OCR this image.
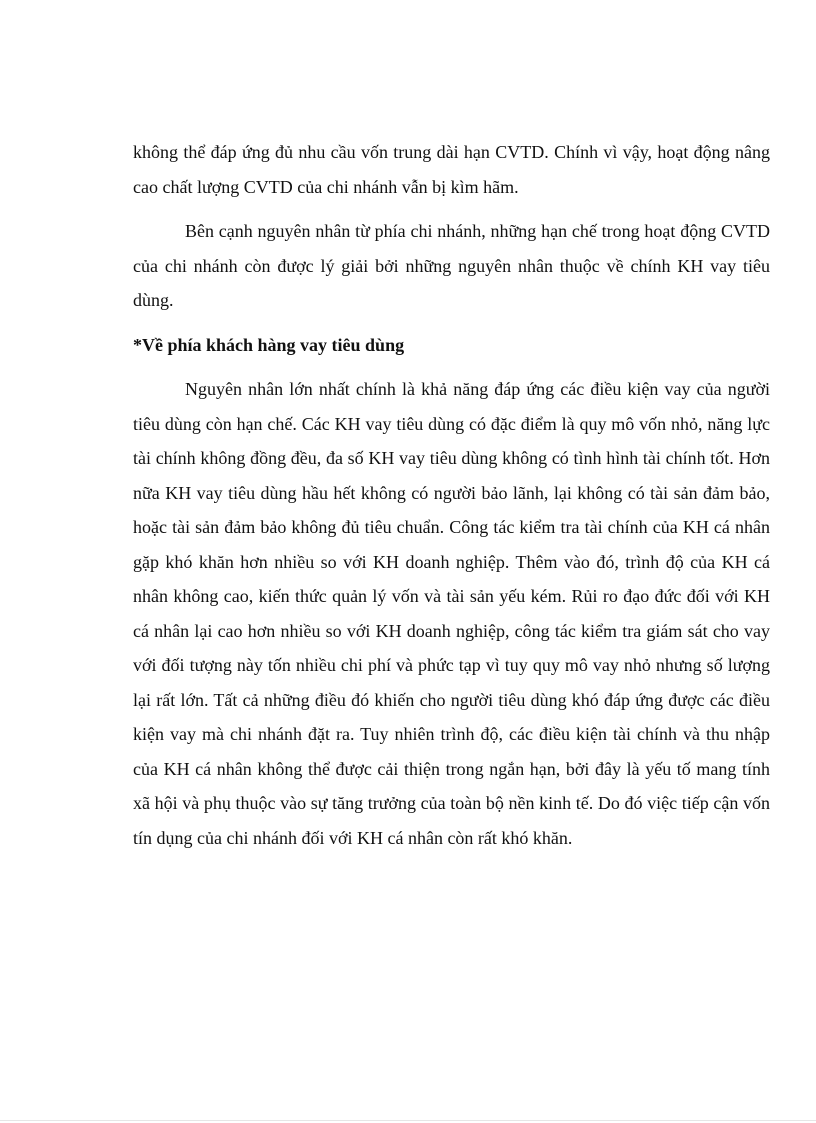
không thể đáp ứng đủ nhu cầu vốn trung dài hạn CVTD. Chính vì vậy, hoạt động nâng cao chất lượng CVTD của chi nhánh vẫn bị kìm hãm.

Bên cạnh nguyên nhân từ phía chi nhánh, những hạn chế trong hoạt động CVTD của chi nhánh còn được lý giải bởi những nguyên nhân thuộc về chính KH vay tiêu dùng.

*Về phía khách hàng vay tiêu dùng

Nguyên nhân lớn nhất chính là khả năng đáp ứng các điều kiện vay của người tiêu dùng còn hạn chế. Các KH vay tiêu dùng có đặc điểm là quy mô vốn nhỏ, năng lực tài chính không đồng đều, đa số KH vay tiêu dùng không có tình hình tài chính tốt. Hơn nữa KH vay tiêu dùng hầu hết không có người bảo lãnh, lại không có tài sản đảm bảo, hoặc tài sản đảm bảo không đủ tiêu chuẩn. Công tác kiểm tra tài chính của KH cá nhân gặp khó khăn hơn nhiều so với KH doanh nghiệp. Thêm vào đó, trình độ của KH cá nhân không cao, kiến thức quản lý vốn và tài sản yếu kém. Rủi ro đạo đức đối với KH cá nhân lại cao hơn nhiều so với KH doanh nghiệp, công tác kiểm tra giám sát cho vay với đối tượng này tốn nhiều chi phí và phức tạp vì tuy quy mô vay nhỏ nhưng số lượng lại rất lớn. Tất cả những điều đó khiến cho người tiêu dùng khó đáp ứng được các điều kiện vay mà chi nhánh đặt ra. Tuy nhiên trình độ, các điều kiện tài chính và thu nhập của KH cá nhân không thể được cải thiện trong ngắn hạn, bởi đây là yếu tố mang tính xã hội và phụ thuộc vào sự tăng trưởng của toàn bộ nền kinh tế. Do đó việc tiếp cận vốn tín dụng của chi nhánh đối với KH cá nhân còn rất khó khăn.
